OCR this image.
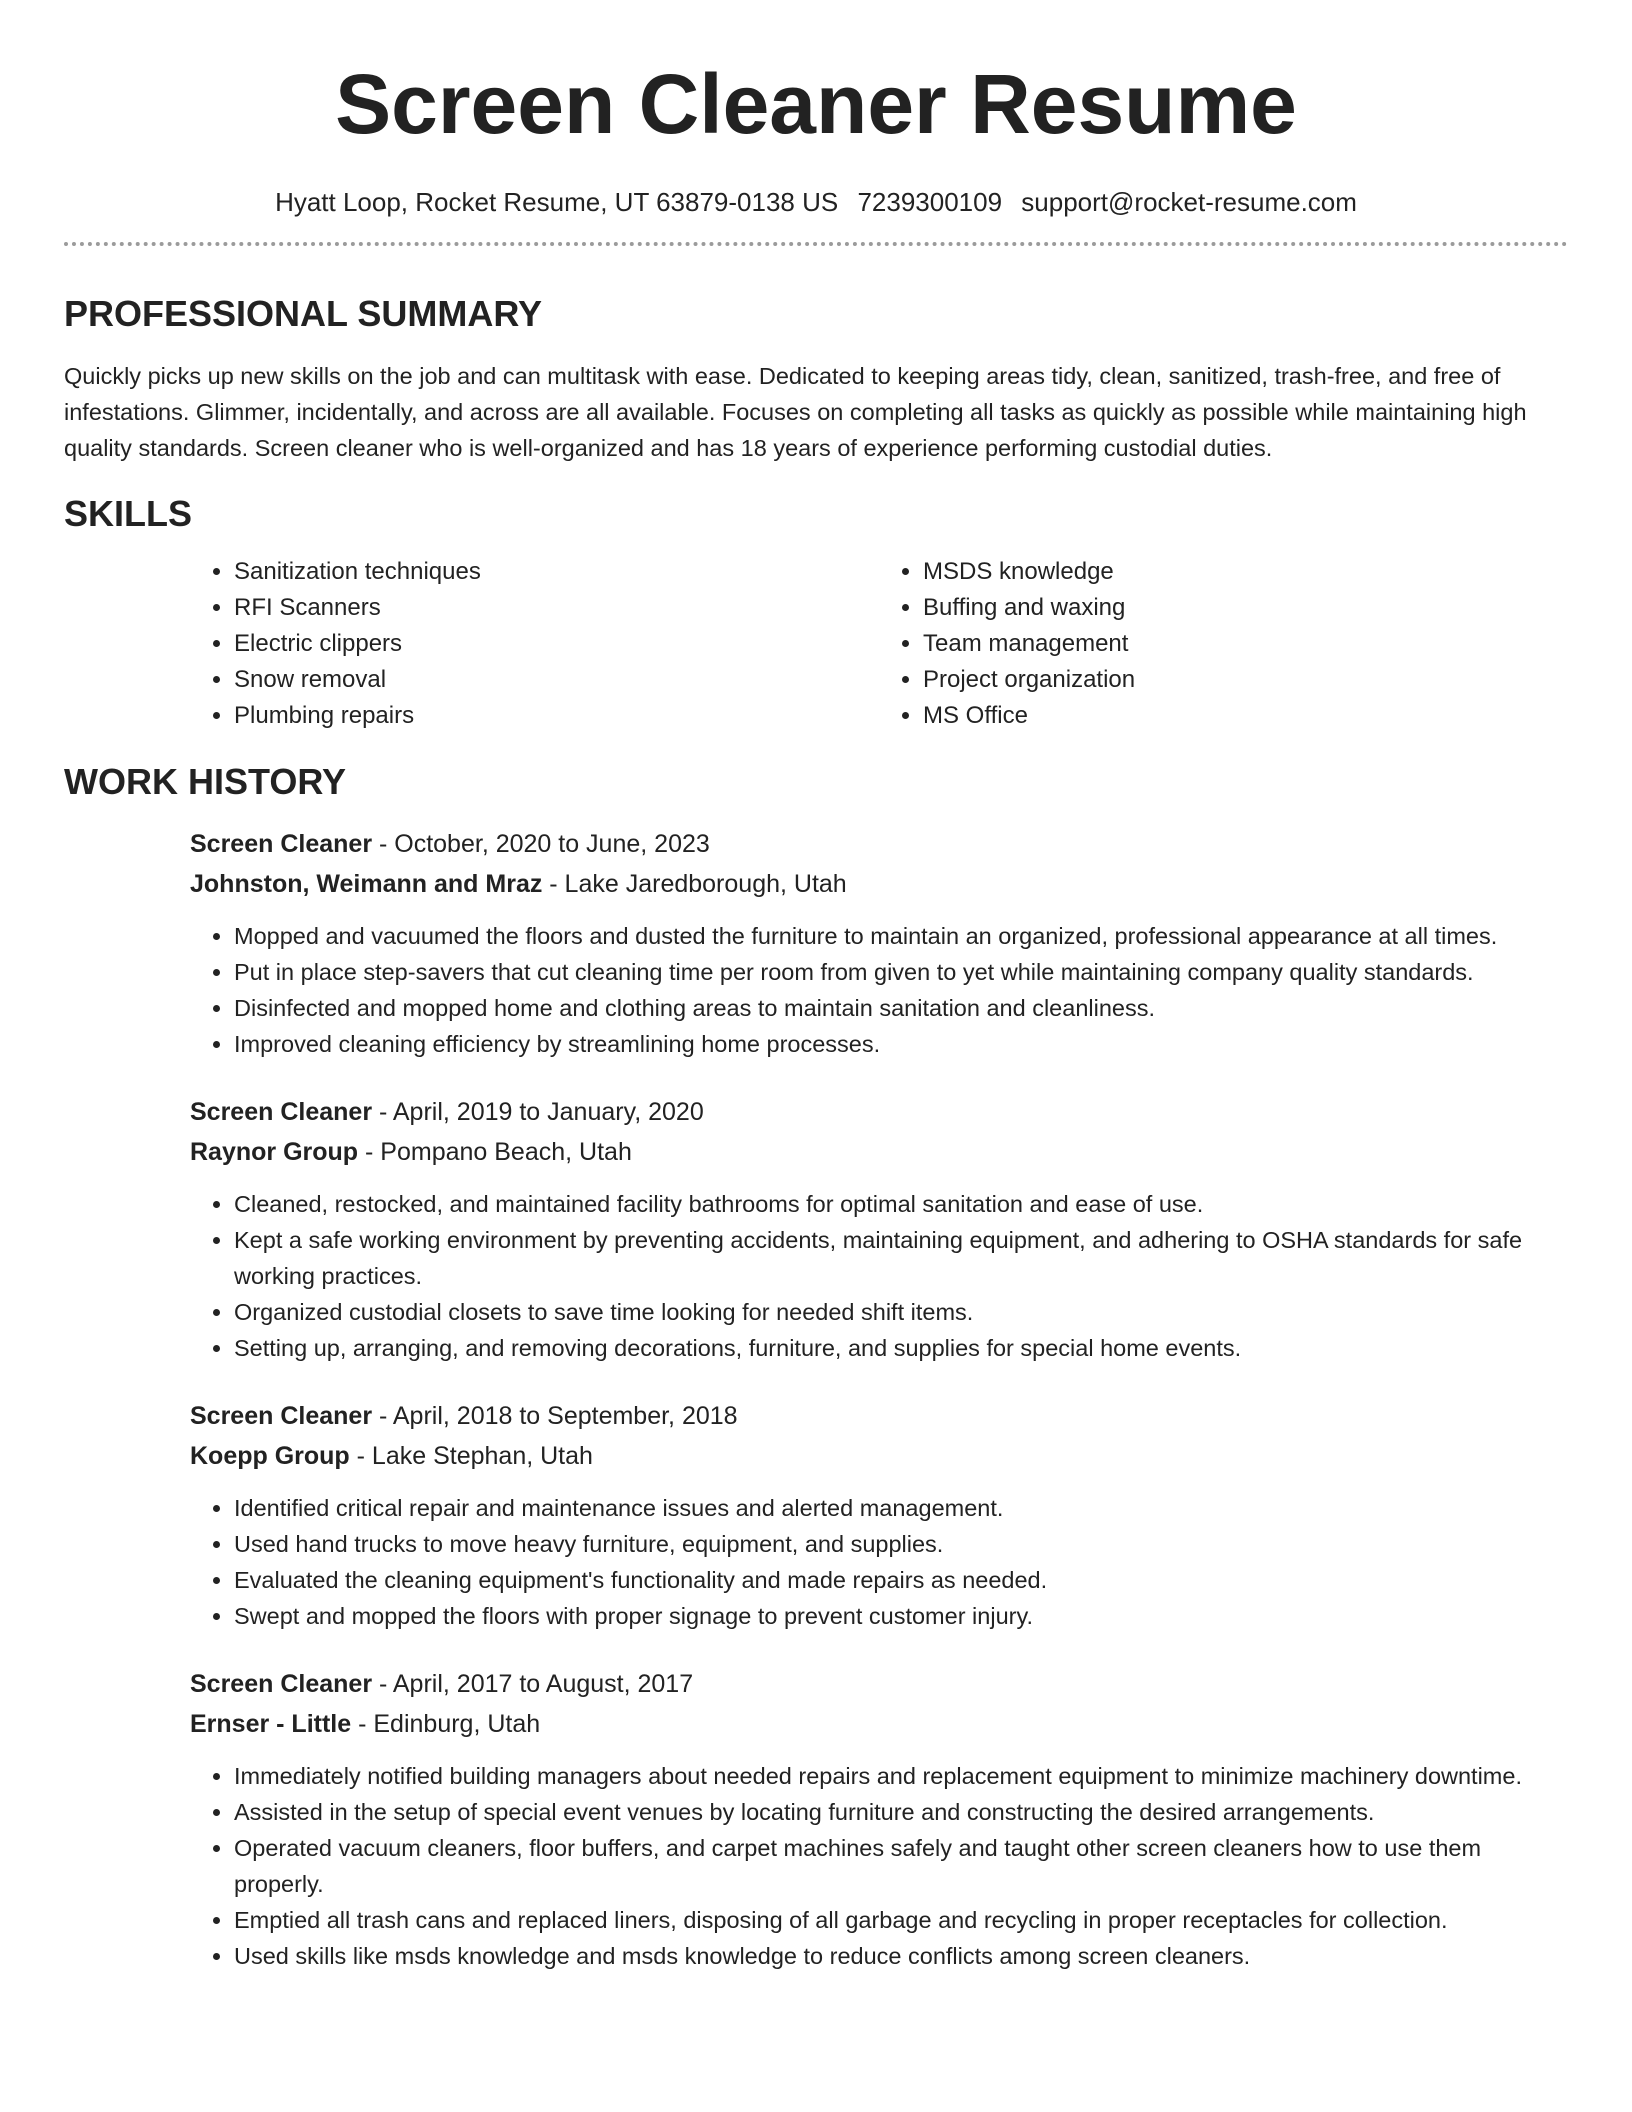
Screen Cleaner Resume
Hyatt Loop, Rocket Resume, UT 63879-0138 US 7239300109 support@rocket-resume.com
PROFESSIONAL SUMMARY

Quickly picks up new skills on the job and can multitask with ease. Dedicated to keeping areas tidy, clean, sanitized, trash-free, and free of infestations. Glimmer, incidentally, and across are all available. Focuses on completing all tasks as quickly as possible while maintaining high quality standards. Screen cleaner who is well-organized and has 18 years of experience performing custodial duties.

SKILLS
• Sanitization techniques
• RFI Scanners
• Electric clippers
• Snow removal
• Plumbing repairs
• MSDS knowledge
• Buffing and waxing
• Team management
• Project organization
• MS Office
WORK HISTORY

Screen Cleaner - October, 2020 to June, 2023

Johnston, Weimann and Mraz - Lake Jaredborough, Utah

• Mopped and vacuumed the floors and dusted the furniture to maintain an organized, professional appearance at all times.
• Put in place step-savers that cut cleaning time per room from given to yet while maintaining company quality standards.
• Disinfected and mopped home and clothing areas to maintain sanitation and cleanliness.
• Improved cleaning efficiency by streamlining home processes.

Screen Cleaner - April, 2019 to January, 2020

Raynor Group - Pompano Beach, Utah

• Cleaned, restocked, and maintained facility bathrooms for optimal sanitation and ease of use.
• Kept a safe working environment by preventing accidents, maintaining equipment, and adhering to OSHA standards for safe working practices.
• Organized custodial closets to save time looking for needed shift items.
• Setting up, arranging, and removing decorations, furniture, and supplies for special home events.

Screen Cleaner - April, 2018 to September, 2018

Koepp Group - Lake Stephan, Utah

• Identified critical repair and maintenance issues and alerted management.
• Used hand trucks to move heavy furniture, equipment, and supplies.
• Evaluated the cleaning equipment's functionality and made repairs as needed.
• Swept and mopped the floors with proper signage to prevent customer injury.

Screen Cleaner - April, 2017 to August, 2017

Ernser - Little - Edinburg, Utah

• Immediately notified building managers about needed repairs and replacement equipment to minimize machinery downtime.
• Assisted in the setup of special event venues by locating furniture and constructing the desired arrangements.
• Operated vacuum cleaners, floor buffers, and carpet machines safely and taught other screen cleaners how to use them properly.
• Emptied all trash cans and replaced liners, disposing of all garbage and recycling in proper receptacles for collection.
• Used skills like msds knowledge and msds knowledge to reduce conflicts among screen cleaners.
